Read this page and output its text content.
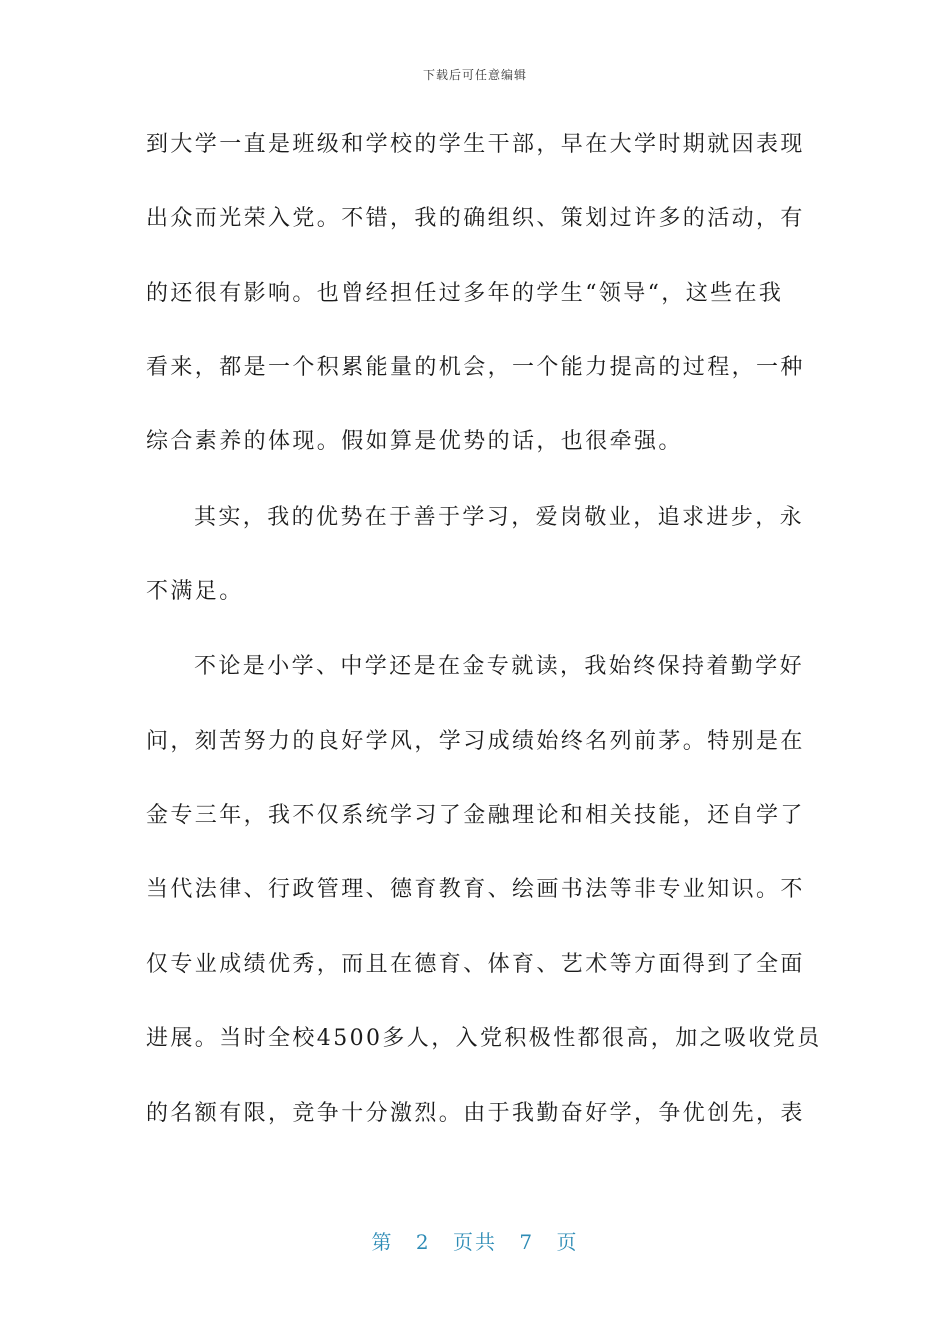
下载后可任意编辑
到大学一直是班级和学校的学生干部，早在大学时期就因表现
出众而光荣入党。不错，我的确组织、策划过许多的活动，有
的还很有影响。也曾经担任过多年的学生“领导“，这些在我
看来，都是一个积累能量的机会，一个能力提高的过程，一种
综合素养的体现。假如算是优势的话，也很牵强。
其实，我的优势在于善于学习，爱岗敬业，追求进步，永
不满足。
不论是小学、中学还是在金专就读，我始终保持着勤学好
问，刻苦努力的良好学风，学习成绩始终名列前茅。特别是在
金专三年，我不仅系统学习了金融理论和相关技能，还自学了
当代法律、行政管理、德育教育、绘画书法等非专业知识。不
仅专业成绩优秀，而且在德育、体育、艺术等方面得到了全面
进展。当时全校4500多人，入党积极性都很高，加之吸收党员
的名额有限，竞争十分激烈。由于我勤奋好学，争优创先，表
第 2 页共 7 页
